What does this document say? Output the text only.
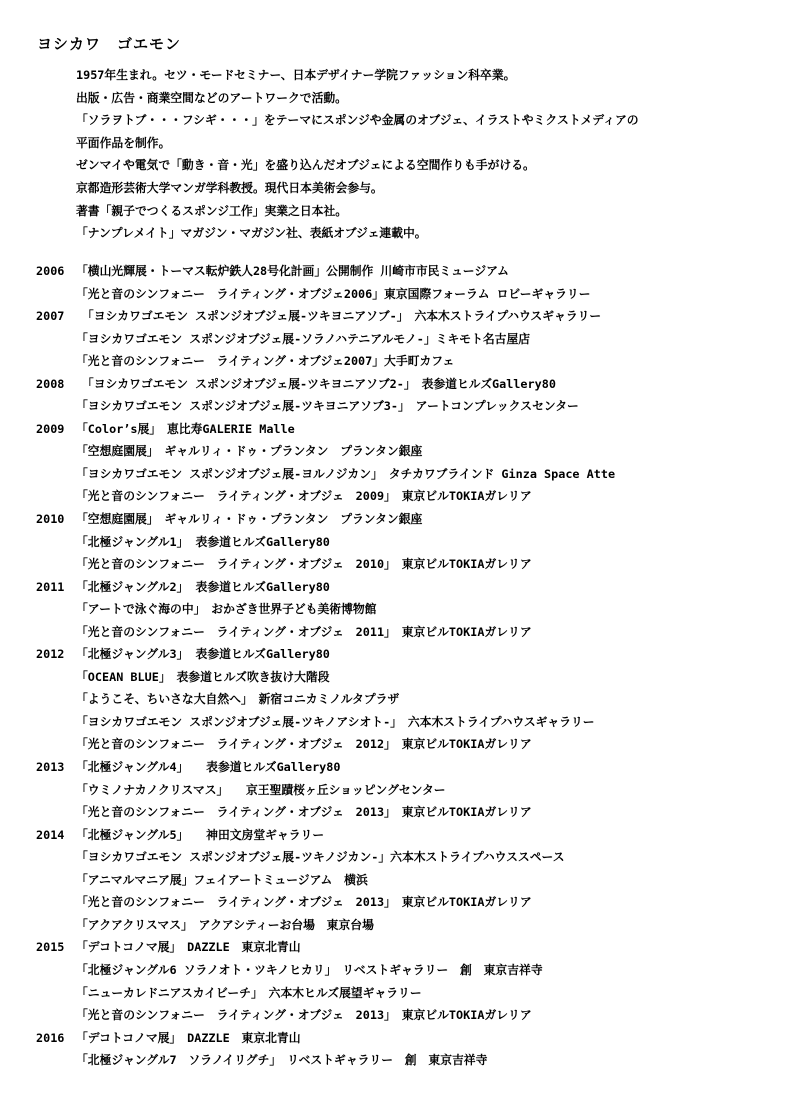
ヨシカワ　ゴエモン
1957年生まれ。セツ・モードセミナー、日本デザイナー学院ファッション科卒業。
出版・広告・商業空間などのアートワークで活動。
「ソラヲトブ・・・フシギ・・・」をテーマにスポンジや金属のオブジェ、イラストやミクストメディアの
平面作品を制作。
ゼンマイや電気で「動き・音・光」を盛り込んだオブジェによる空間作りも手がける。
京都造形芸術大学マンガ学科教授。現代日本美術会参与。
著書「親子でつくるスポンジ工作」実業之日本社。
「ナンプレメイト」マガジン・マガジン社、表紙オブジェ連載中。
2006 「横山光輝展・トーマス転炉鉄人28号化計画」公開制作 川崎市市民ミュージアム
「光と音のシンフォニー　ライティング・オブジェ2006」東京国際フォーラム ロビーギャラリー
2007 　「ヨシカワゴエモン スポンジオブジェ展-ツキヨニアソブ-」　六本木ストライプハウスギャラリー
「ヨシカワゴエモン スポンジオブジェ展-ソラノハテニアルモノ-」ミキモト名古屋店
「光と音のシンフォニー　ライティング・オブジェ2007」大手町カフェ
2008 　「ヨシカワゴエモン スポンジオブジェ展-ツキヨニアソブ2-」　表参道ヒルズGallery80
「ヨシカワゴエモン スポンジオブジェ展-ツキヨニアソブ3-」　アートコンプレックスセンター
2009 「Color’s展」　恵比寿GALERIE Malle
「空想庭園展」　ギャルリィ・ドゥ・プランタン　プランタン銀座
「ヨシカワゴエモン スポンジオブジェ展-ヨルノジカン」　タチカワブラインド Ginza Space Atte
「光と音のシンフォニー　ライティング・オブジェ　2009」　東京ビルTOKIAガレリア
2010 「空想庭園展」　ギャルリィ・ドゥ・プランタン　プランタン銀座
「北極ジャングル1」 表参道ヒルズGallery80
「光と音のシンフォニー　ライティング・オブジェ　2010」　東京ビルTOKIAガレリア
2011 「北極ジャングル2」 表参道ヒルズGallery80
「アートで泳ぐ海の中」　おかざき世界子ども美術博物館
「光と音のシンフォニー　ライティング・オブジェ　2011」　東京ビルTOKIAガレリア
2012 「北極ジャングル3」 表参道ヒルズGallery80
「OCEAN BLUE」　表参道ヒルズ吹き抜け大階段
「ようこそ、ちいさな大自然へ」　新宿コニカミノルタプラザ
「ヨシカワゴエモン スポンジオブジェ展-ツキノアシオト-」　六本木ストライプハウスギャラリー
「光と音のシンフォニー　ライティング・オブジェ　2012」　東京ビルTOKIAガレリア
2013 「北極ジャングル4」　　表参道ヒルズGallery80
「ウミノナカノクリスマス」　　京王聖蹟桜ヶ丘ショッピングセンター
「光と音のシンフォニー　ライティング・オブジェ　2013」　東京ビルTOKIAガレリア
2014 「北極ジャングル5」　　神田文房堂ギャラリー
「ヨシカワゴエモン スポンジオブジェ展-ツキノジカン-」六本木ストライプハウススペース
「アニマルマニア展」フェイアートミュージアム　横浜
「光と音のシンフォニー　ライティング・オブジェ　2013」　東京ビルTOKIAガレリア
「アクアクリスマス」　アクアシティーお台場　東京台場
2015 「デコトコノマ展」　DAZZLE　東京北青山
「北極ジャングル6 ソラノオト・ツキノヒカリ」　リベストギャラリー　創　東京吉祥寺
「ニューカレドニアスカイビーチ」　六本木ヒルズ展望ギャラリー
「光と音のシンフォニー　ライティング・オブジェ　2013」　東京ビルTOKIAガレリア
2016 「デコトコノマ展」　DAZZLE　東京北青山
「北極ジャングル7　ソラノイリグチ」　リベストギャラリー　創　東京吉祥寺
